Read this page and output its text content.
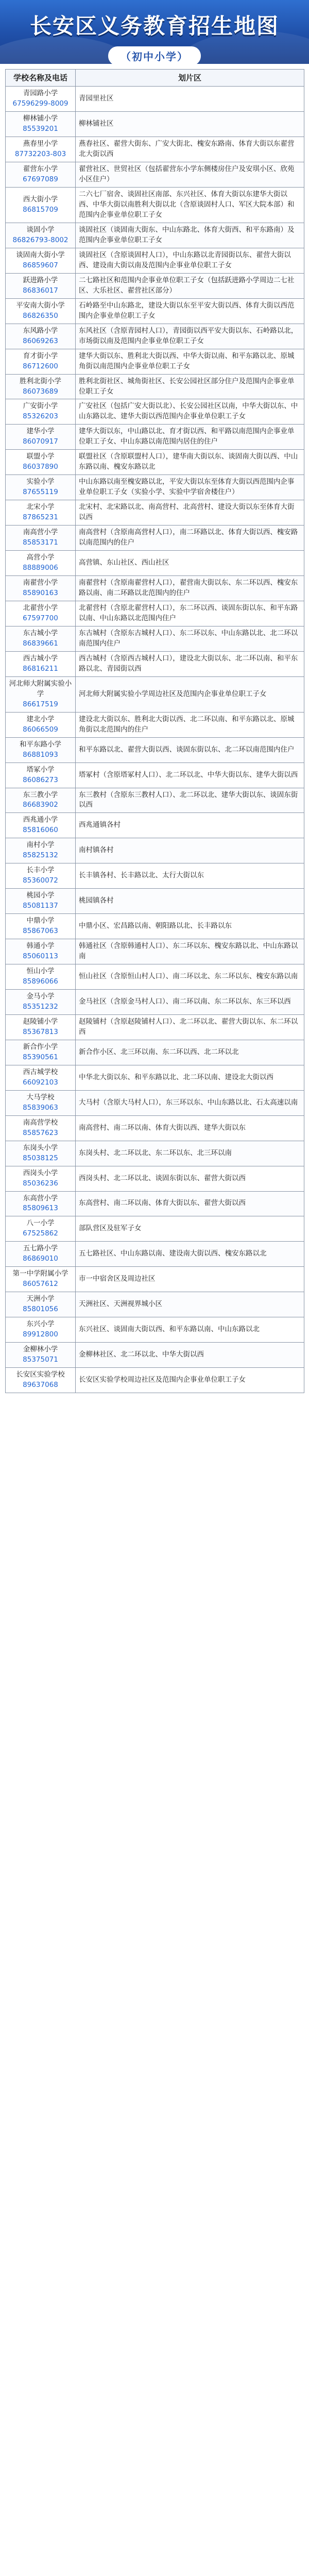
长安区义务教育招生地图
（初中小学）
学校名称及电话	划片区

青园路小学
67596299-8009	青园里社区

柳林铺小学
85539201	柳林铺社区

燕春里小学
87732203-803	燕春社区、翟营大街东、广安大街北、槐安东路南、体育大街以东翟营北大街以西

翟营东小学
67697089	翟营社区、世贸社区（包括翟营东小学东侧楼房住户及安琪小区、欣苑小区住户）

西大街小学
86815709	二六七厂宿舍、谈固社区南部、东兴社区、体育大街以东建华大街以西、中华大街以南胜利大街以北（含原谈固村人口、军区大院本部）和范围内企事业单位职工子女

谈固小学
86826793-8002	谈固社区（谈固南大街东、中山东路北、体育大街西、和平东路南）及范围内企事业单位职工子女

谈固南大街小学
86859607	谈固社区（含原谈固村人口），中山东路以北青园街以东、翟营大街以西、建设南大街以南及范围内企事业单位职工子女

跃进路小学
86836017	二七路社区和范围内企事业单位职工子女（包括跃进路小学周边二七社区、大乐社区、翟营社区部分）

平安南大街小学
86826350	石岭路至中山东路北，建设大街以东至平安大街以西、体育大街以西范围内企事业单位职工子女

东风路小学
86069263	东风社区（含原青园村人口），青园街以西平安大街以东、石岭路以北，市场街以南及范围内企事业单位职工子女

育才街小学
86712600	建华大街以东、胜利北大街以西、中华大街以南、和平东路以北、原城角街以南范围内企事业单位职工子女

胜利北街小学
86073689	胜利北街社区、城角街社区、长安公园社区部分住户及范围内企事业单位职工子女

广安街小学
85326203	广安社区（包括广安大街以北）、长安公园社区以南，中华大街以东、中山东路以北、建华大街以西范围内企事业单位职工子女

建华小学
86070917	建华大街以东，中山路以北、育才街以西、和平路以南范围内企事业单位职工子女、中山东路以南范围内居住的住户

联盟小学
86037890	联盟社区（含原联盟村人口），建华南大街以东、谈固南大街以西、中山东路以南、槐安东路以北

实验小学
87655119	中山东路以南至槐安路以北，平安大街以东至体育大街以西范围内企事业单位职工子女（实验小学、实验中学宿舍楼住户）

北宋小学
87865231	北宋村、北宋路以北、南高营村、北高营村、建设大街以东至体育大街以西

南高营小学
85853171	南高营村（含原南高营村人口），南二环路以北、体育大街以西、槐安路以南范围内的住户

高营小学
88889006	高营镇、东山社区、西山社区

南翟营小学
85890163	南翟营村（含原南翟营村人口），翟营南大街以东、东二环以西、槐安东路以南、南二环路以北范围内的住户

北翟营小学
67597700	北翟营村（含原北翟营村人口），东二环以西、谈固东街以东、和平东路以南、中山东路以北范围内住户

东古城小学
86839661	东古城村（含原东古城村人口）、东二环以东、中山东路以北、北二环以南范围内住户

西古城小学
86816211	西古城村（含原西古城村人口），建设北大街以东、北二环以南、和平东路以北、青园街以西

河北师大附属实验小学
86617519	河北师大附属实验小学周边社区及范围内企事业单位职工子女

建北小学
86066509	建设北大街以东、胜利北大街以西、北二环以南、和平东路以北、原城角街以北范围内的住户

和平东路小学
86881093	和平东路以北、翟营大街以西、谈固东街以东、北二环以南范围内住户

塔冢小学
86086273	塔冢村（含原塔冢村人口）、北二环以北、中华大街以东、建华大街以西

东三教小学
86683902	东三教村（含原东三教村人口）、北二环以北、建华大街以东、谈固东街以西

西兆通小学
85816060	西兆通镇各村

南村小学
85825132	南村镇各村

长丰小学
85360072	长丰镇各村、长丰路以北、太行大街以东

桃园小学
85081137	桃园镇各村

中鼎小学
85867063	中鼎小区、宏昌路以南、朝阳路以北、长丰路以东

韩通小学
85060113	韩通社区（含原韩通村人口）、东二环以东、槐安东路以北、中山东路以南

恒山小学
85896066	恒山社区（含原恒山村人口）、南二环以北、东二环以东、槐安东路以南

金马小学
85351232	金马社区（含原金马村人口）、南二环以南、东二环以东、东三环以西

赵陵铺小学
85367813	赵陵铺村（含原赵陵铺村人口）、北二环以北、翟营大街以东、东二环以西

新合作小学
85390561	新合作小区、北三环以南、东二环以西、北二环以北

西古城学校
66092103	中华北大街以东、和平东路以北、北二环以南、建设北大街以西

大马学校
85839063	大马村（含原大马村人口），东三环以东、中山东路以北、石太高速以南

南高营学校
85857623	南高营村、南二环以南、体育大街以西、建华大街以东

东岗头小学
85038125	东岗头村、北二环以北、东二环以东、北三环以南

西岗头小学
85036236	西岗头村、北二环以北、谈固东街以东、翟营大街以西

东高营小学
85809613	东高营村、南二环以南、体育大街以东、翟营大街以西

八一小学
67525862	部队营区及驻军子女

五七路小学
86869010	五七路社区、中山东路以南、建设南大街以西、槐安东路以北

第一中学附属小学
86057612	市一中宿舍区及周边社区

天洲小学
85801056	天洲社区、天洲视界城小区

东兴小学
89912800	东兴社区、谈固南大街以西、和平东路以南、中山东路以北

金柳林小学
85375071	金柳林社区、北二环以北、中华大街以西

长安区实验学校
89637068	长安区实验学校周边社区及范围内企事业单位职工子女
